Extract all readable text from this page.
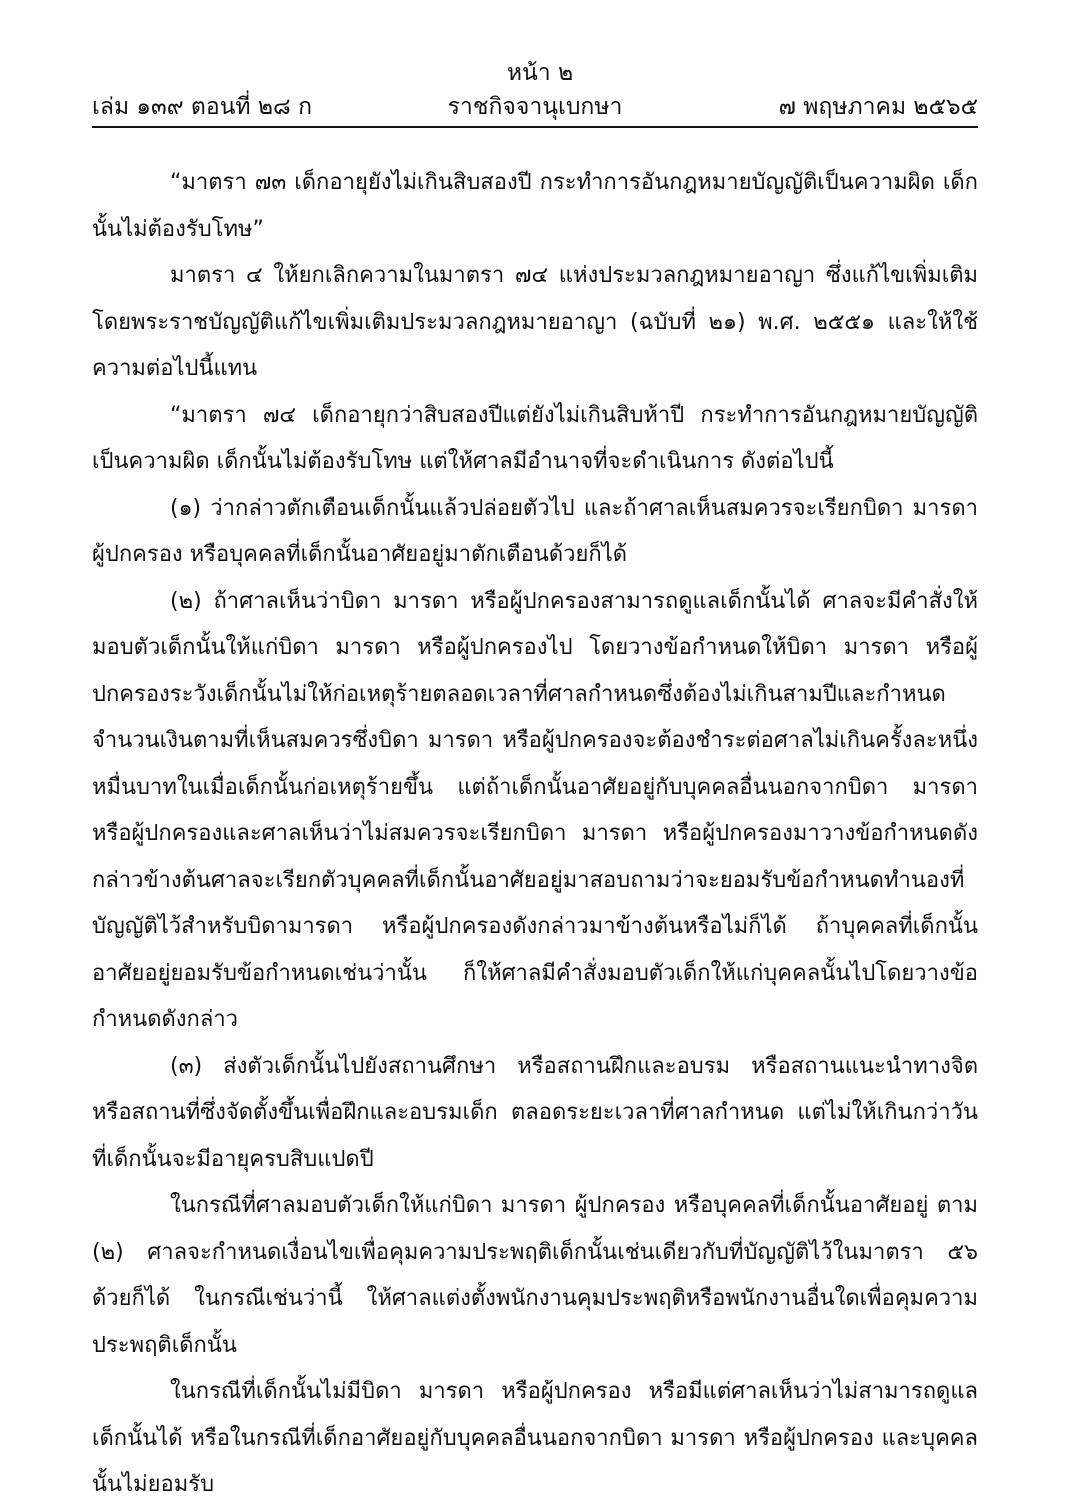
หน้า ๒
ราชกิจจานุเบกษา
เล่ม ๑๓๙ ตอนที่ ๒๘ ก	๗ พฤษภาคม ๒๕๖๕

“มาตรา ๗๓ เด็กอายุยังไม่เกินสิบสองปี กระทำการอันกฎหมายบัญญัติเป็นความผิด เด็กนั้นไม่ต้องรับโทษ”

มาตรา ๔ ให้ยกเลิกความในมาตรา ๗๔ แห่งประมวลกฎหมายอาญา ซึ่งแก้ไขเพิ่มเติมโดยพระราชบัญญัติแก้ไขเพิ่มเติมประมวลกฎหมายอาญา (ฉบับที่ ๒๑) พ.ศ. ๒๕๕๑ และให้ใช้ความต่อไปนี้แทน

“มาตรา ๗๔ เด็กอายุกว่าสิบสองปีแต่ยังไม่เกินสิบห้าปี กระทำการอันกฎหมายบัญญัติเป็นความผิด เด็กนั้นไม่ต้องรับโทษ แต่ให้ศาลมีอำนาจที่จะดำเนินการ ดังต่อไปนี้

(๑) ว่ากล่าวตักเตือนเด็กนั้นแล้วปล่อยตัวไป และถ้าศาลเห็นสมควรจะเรียกบิดา มารดา ผู้ปกครอง หรือบุคคลที่เด็กนั้นอาศัยอยู่มาตักเตือนด้วยก็ได้

(๒) ถ้าศาลเห็นว่าบิดา มารดา หรือผู้ปกครองสามารถดูแลเด็กนั้นได้ ศาลจะมีคำสั่งให้มอบตัวเด็กนั้นให้แก่บิดา มารดา หรือผู้ปกครองไป โดยวางข้อกำหนดให้บิดา มารดา หรือผู้ปกครองระวังเด็กนั้นไม่ให้ก่อเหตุร้ายตลอดเวลาที่ศาลกำหนดซึ่งต้องไม่เกินสามปีและกำหนดจำนวนเงินตามที่เห็นสมควรซึ่งบิดา มารดา หรือผู้ปกครองจะต้องชำระต่อศาลไม่เกินครั้งละหนึ่งหมื่นบาทในเมื่อเด็กนั้นก่อเหตุร้ายขึ้น แต่ถ้าเด็กนั้นอาศัยอยู่กับบุคคลอื่นนอกจากบิดา มารดา หรือผู้ปกครองและศาลเห็นว่าไม่สมควรจะเรียกบิดา มารดา หรือผู้ปกครองมาวางข้อกำหนดดังกล่าวข้างต้นศาลจะเรียกตัวบุคคลที่เด็กนั้นอาศัยอยู่มาสอบถามว่าจะยอมรับข้อกำหนดทำนองที่บัญญัติไว้สำหรับบิดามารดา หรือผู้ปกครองดังกล่าวมาข้างต้นหรือไม่ก็ได้ ถ้าบุคคลที่เด็กนั้นอาศัยอยู่ยอมรับข้อกำหนดเช่นว่านั้น ก็ให้ศาลมีคำสั่งมอบตัวเด็กให้แก่บุคคลนั้นไปโดยวางข้อกำหนดดังกล่าว

(๓) ส่งตัวเด็กนั้นไปยังสถานศึกษา หรือสถานฝึกและอบรม หรือสถานแนะนำทางจิต หรือสถานที่ซึ่งจัดตั้งขึ้นเพื่อฝึกและอบรมเด็ก ตลอดระยะเวลาที่ศาลกำหนด แต่ไม่ให้เกินกว่าวันที่เด็กนั้นจะมีอายุครบสิบแปดปี

ในกรณีที่ศาลมอบตัวเด็กให้แก่บิดา มารดา ผู้ปกครอง หรือบุคคลที่เด็กนั้นอาศัยอยู่ ตาม (๒) ศาลจะกำหนดเงื่อนไขเพื่อคุมความประพฤติเด็กนั้นเช่นเดียวกับที่บัญญัติไว้ในมาตรา ๕๖ ด้วยก็ได้ ในกรณีเช่นว่านี้ ให้ศาลแต่งตั้งพนักงานคุมประพฤติหรือพนักงานอื่นใดเพื่อคุมความประพฤติเด็กนั้น

ในกรณีที่เด็กนั้นไม่มีบิดา มารดา หรือผู้ปกครอง หรือมีแต่ศาลเห็นว่าไม่สามารถดูแลเด็กนั้นได้ หรือในกรณีที่เด็กอาศัยอยู่กับบุคคลอื่นนอกจากบิดา มารดา หรือผู้ปกครอง และบุคคลนั้นไม่ยอมรับ
